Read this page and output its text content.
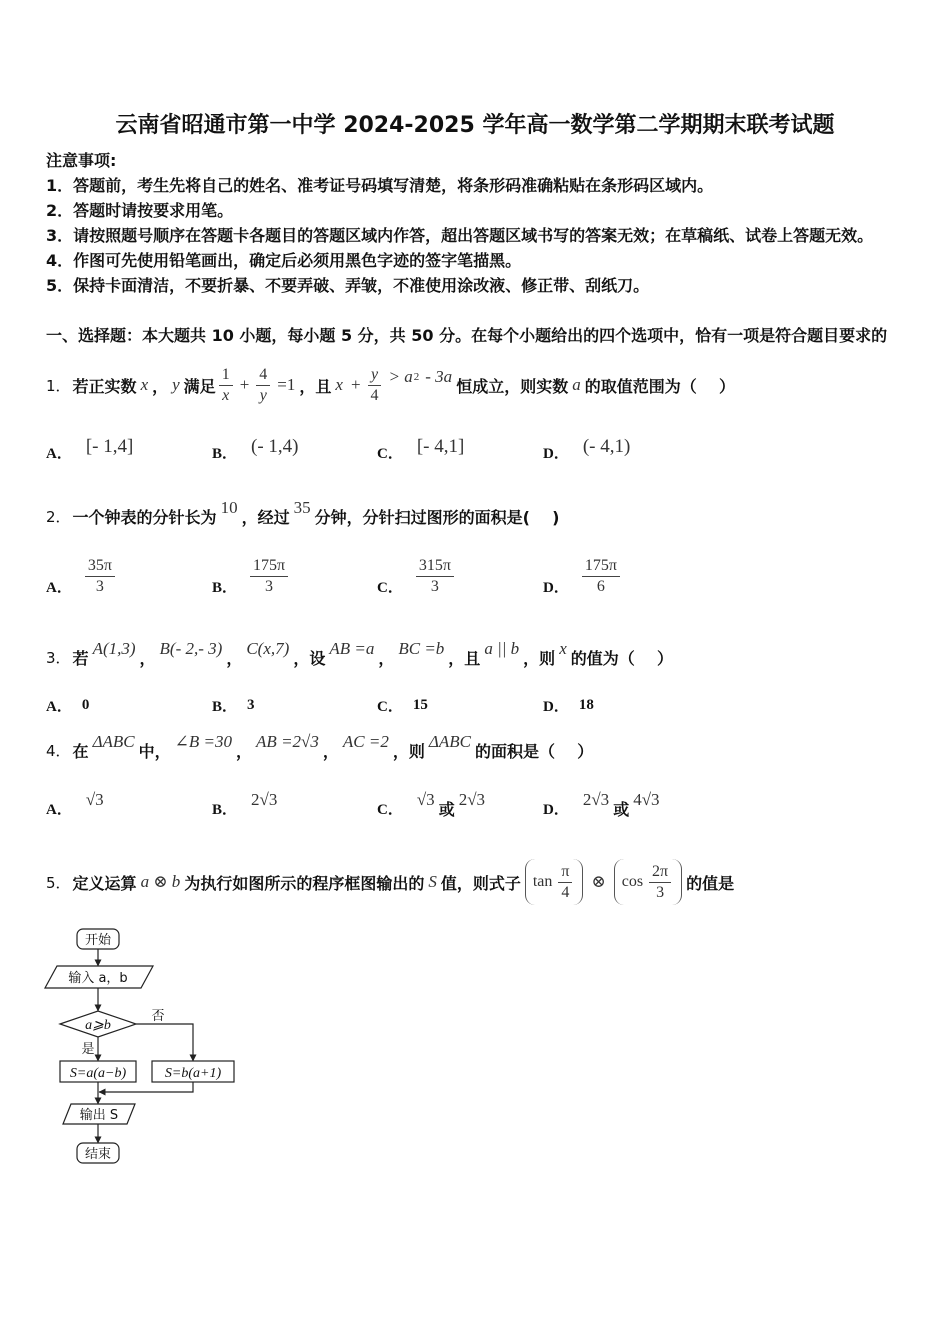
云南省昭通市第一中学 2024-2025 学年高一数学第二学期期末联考试题
注意事项:
1．答题前，考生先将自己的姓名、准考证号码填写清楚，将条形码准确粘贴在条形码区域内。
2．答题时请按要求用笔。
3．请按照题号顺序在答题卡各题目的答题区域内作答，超出答题区域书写的答案无效；在草稿纸、试卷上答题无效。
4．作图可先使用铅笔画出，确定后必须用黑色字迹的签字笔描黑。
5．保持卡面清洁，不要折暴、不要弄破、弄皱，不准使用涂改液、修正带、刮纸刀。
一、选择题：本大题共 10 小题，每小题 5 分，共 50 分。在每个小题给出的四个选项中，恰有一项是符合题目要求的
1． 若正实数 x ， y 满足 $\frac{1}{x} + \frac{4}{y} =1$ ，且 $x + \frac{y}{4} > a$ 2 - 3a 恒成立，则实数 a 的取值范围为（    ）
A． [- 1,4]	B． (- 1,4)	C． [- 4,1]	D． (- 4,1)
2． 一个钟表的分针长为 10 ，经过 35 分钟，分针扫过图形的面积是(    )
A． $\frac{35\pi}{3}$	B． $\frac{175\pi}{3}$	C． $\frac{315\pi}{3}$	D． $\frac{175\pi}{6}$
3． 若 A(1,3) ， B(- 2,- 3) ， C(x,7) ，设 AB =a ， BC =b ，且 a || b ，则 x 的值为（    ）
A． 0	B． 3	C． 15	D． 18
4． 在 ΔABC 中， ∠B =30 ， AB =2√3 ， AC =2 ，则 ΔABC 的面积是（    ）
A．
√3
B．
2√3
C．
√3 或 2√3
D．
2√3 或 4√3
5． 定义运算 a ⊗ b 为执行如图所示的程序框图输出的 S 值，则式子 $\tan \frac{\pi}{4}$ ⊗ $\cos \frac{2\pi}{3}$ 的值是
开始
输入 a，b
a⩾b
否
是
S=a(a−b)	S=b(a+1)
输出 S
结束
